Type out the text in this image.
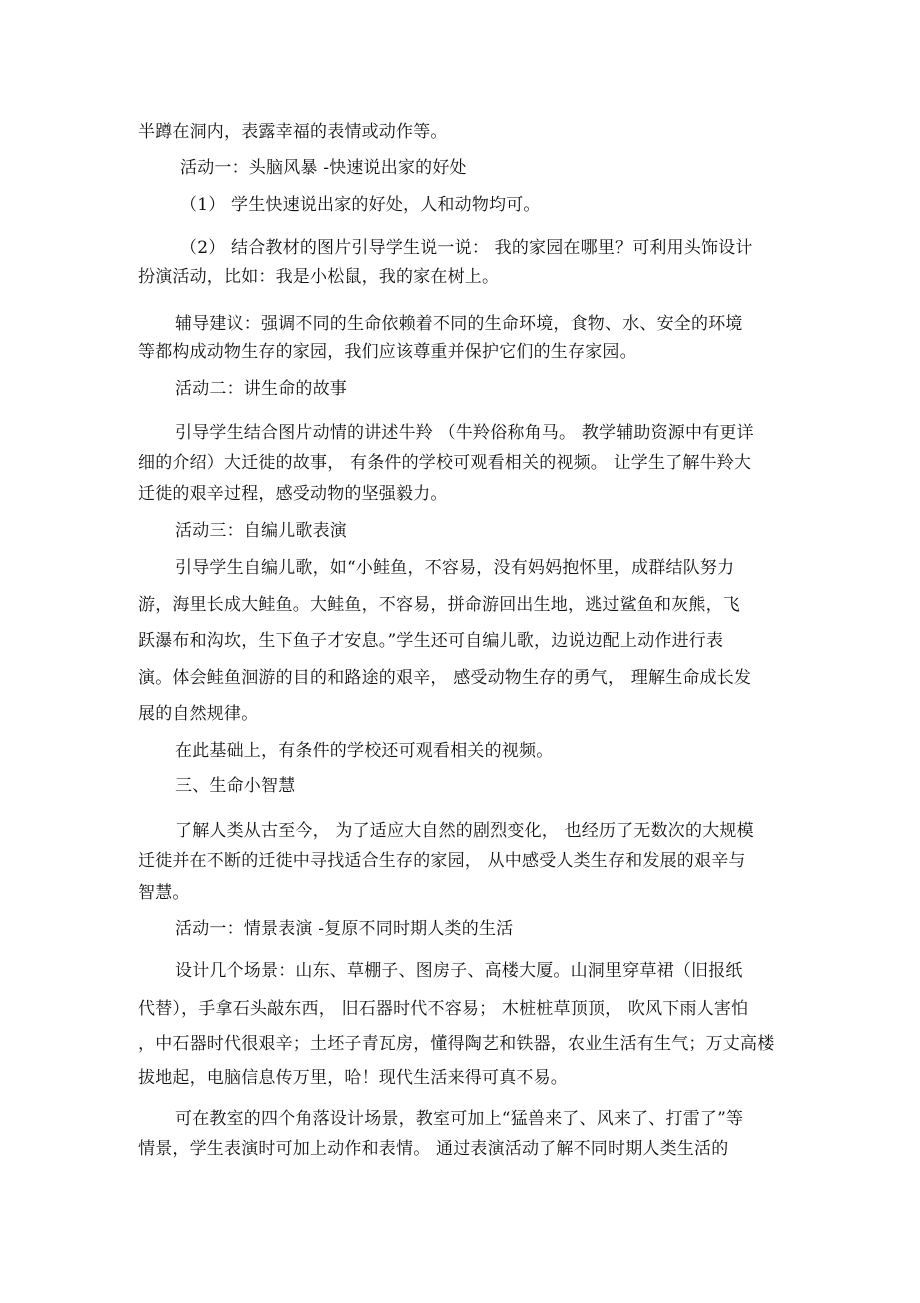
半蹲在洞内，表露幸福的表情或动作等。
活动一：头脑风暴 -快速说出家的好处
（1） 学生快速说出家的好处，人和动物均可。
（2） 结合教材的图片引导学生说一说： 我的家园在哪里？可利用头饰设计
扮演活动，比如：我是小松鼠，我的家在树上。
辅导建议：强调不同的生命依赖着不同的生命环境，食物、水、安全的环境
等都构成动物生存的家园，我们应该尊重并保护它们的生存家园。
活动二：讲生命的故事
引导学生结合图片动情的讲述牛羚 （牛羚俗称角马。 教学辅助资源中有更详
细的介绍）大迁徙的故事， 有条件的学校可观看相关的视频。 让学生了解牛羚大
迁徙的艰辛过程，感受动物的坚强毅力。
活动三：自编儿歌表演
引导学生自编儿歌，如“小鲑鱼，不容易，没有妈妈抱怀里，成群结队努力
游，海里长成大鲑鱼。大鲑鱼，不容易，拼命游回出生地，逃过鲨鱼和灰熊，飞
跃瀑布和沟坎，生下鱼子才安息。”学生还可自编儿歌，边说边配上动作进行表
演。体会鲑鱼洄游的目的和路途的艰辛， 感受动物生存的勇气， 理解生命成长发
展的自然规律。
在此基础上，有条件的学校还可观看相关的视频。
三、生命小智慧
了解人类从古至今， 为了适应大自然的剧烈变化， 也经历了无数次的大规模
迁徙并在不断的迁徙中寻找适合生存的家园， 从中感受人类生存和发展的艰辛与
智慧。
活动一：情景表演 -复原不同时期人类的生活
设计几个场景：山东、草棚子、图房子、高楼大厦。山洞里穿草裙（旧报纸
代替），手拿石头敲东西， 旧石器时代不容易； 木桩桩草顶顶， 吹风下雨人害怕
，中石器时代很艰辛；土坯子青瓦房，懂得陶艺和铁器，农业生活有生气；万丈高楼
拔地起，电脑信息传万里，哈！现代生活来得可真不易。
可在教室的四个角落设计场景，教室可加上“猛兽来了、风来了、打雷了”等
情景，学生表演时可加上动作和表情。 通过表演活动了解不同时期人类生活的
